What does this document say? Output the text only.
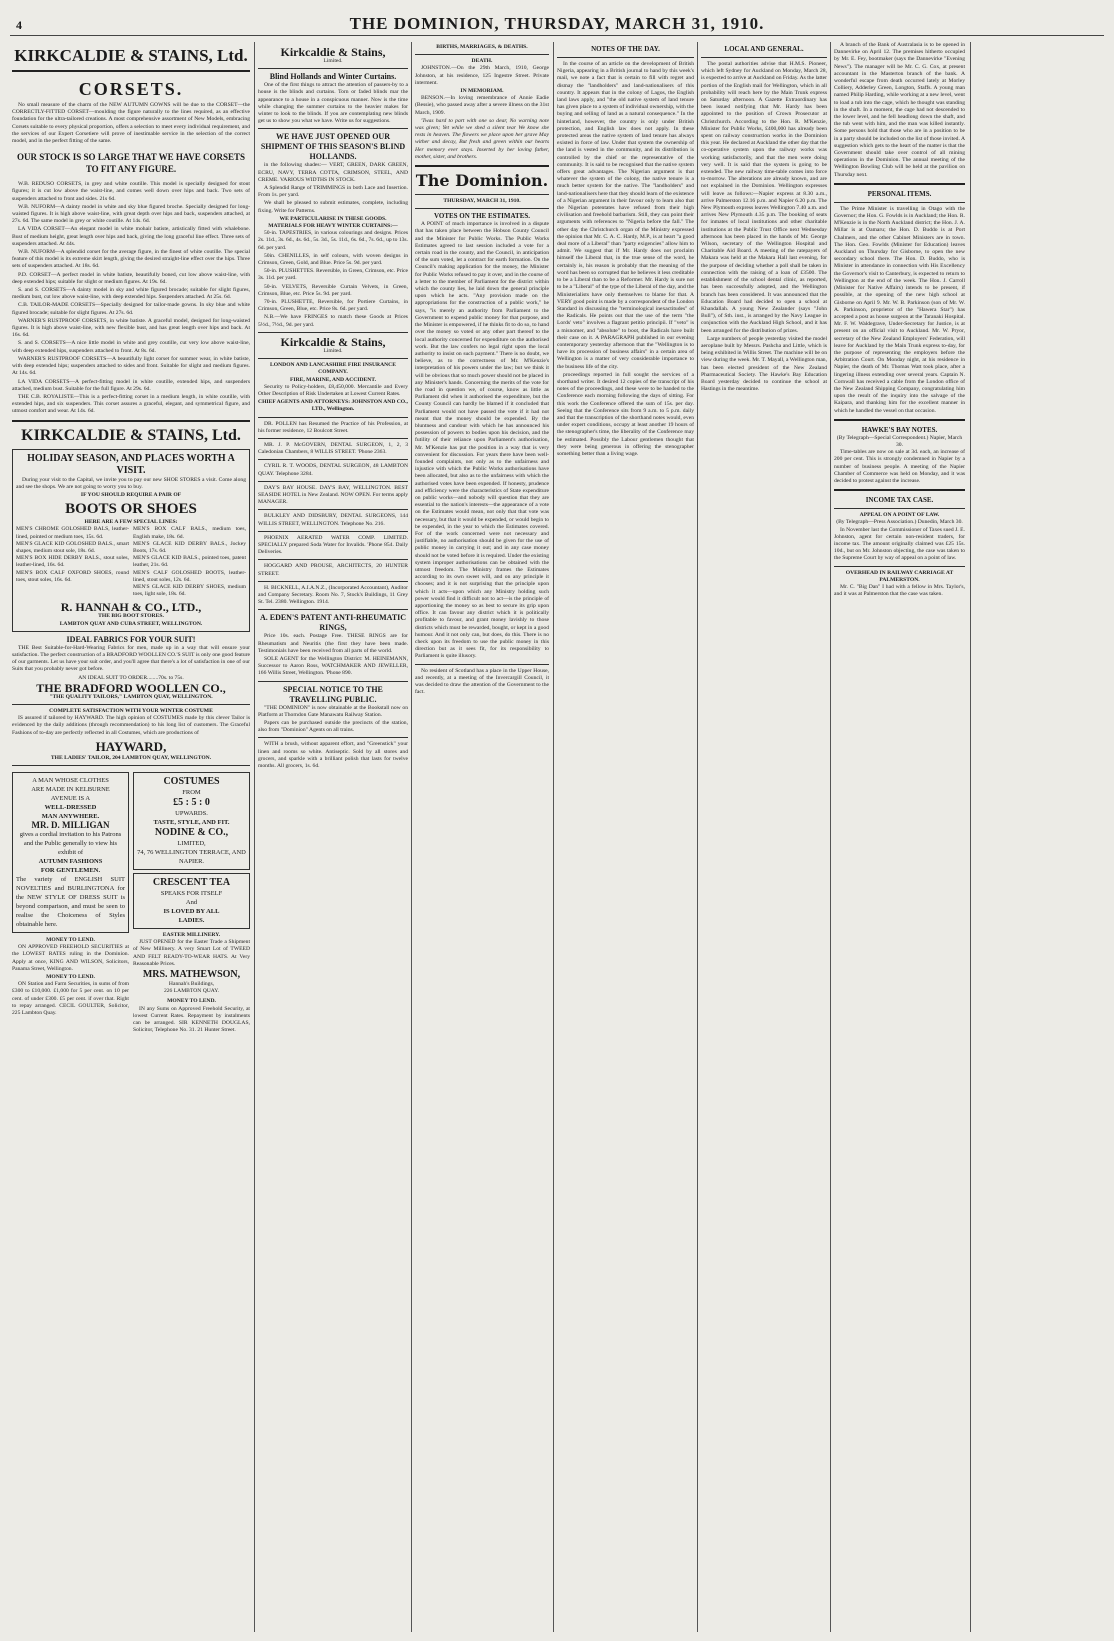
4	THE DOMINION, THURSDAY, MARCH 31, 1910.
KIRKCALDIE & STAINS, Ltd.
CORSETS.

No small measure of the charm of the NEW AUTUMN GOWNS will be due to the CORSET—the CORRECTLY-FITTED CORSET—moulding the figure naturally to the lines required, as an effective foundation for the ultra-tailored creations. A most comprehensive assortment of New Models, embracing Corsets suitable to every physical proportion, offers a selection to meet every individual requirement, and the services of our Expert Corsetiere will prove of inestimable service in the selection of the correct model, and in the perfect fitting of the same.

OUR STOCK IS SO LARGE THAT WE HAVE CORSETS TO FIT ANY FIGURE.

W.B. REDUSO CORSETS, in grey and white coutille. This model is specially designed for stout figures; it is cut low above the waist-line, and comes well down over hips and back. Two sets of suspenders attached to front and sides. 21s 6d.

W.B. NUFORM—A dainty model in white and sky blue figured broche. Specially designed for long-waisted figures. It is high above waist-line, with great depth over hips and back, suspenders attached, at 27s. 6d. The same model in grey or white coutille. At 14s. 6d.

LA VIDA CORSET—An elegant model in white mohair batiste, artistically fitted with whalebone. Bust of medium height, great length over hips and back, giving the long graceful line effect. Three sets of suspenders attached. At 44s.

W.B. NUFORM—A splendid corset for the average figure, in the finest of white coutille. The special feature of this model is its extreme skirt length, giving the desired straight-line effect over the hips. Three sets of suspenders attached. At 18s. 6d.

P.D. CORSET—A perfect model in white batiste, beautifully boned, cut low above waist-line, with deep extended hips; suitable for slight or medium figures. At 19s. 6d.

S. and S. CORSETS—A dainty model in sky and white figured brocade; suitable for slight figures, medium bust, cut low above waist-line, with deep extended hips. Suspenders attached. At 25s. 6d.

C.B. TAILOR-MADE CORSETS—Specially designed for tailor-made gowns. In sky blue and white figured brocade; suitable for slight figures. At 27s. 6d.

WARNER'S RUSTPROOF CORSETS, in white batiste. A graceful model, designed for long-waisted figures. It is high above waist-line, with new flexible bust, and has great length over hips and back. At 16s. 6d.

S. and S. CORSETS—A nice little model in white and grey coutille, cut very low above waist-line, with deep extended hips, suspenders attached to front. At 8s. 6d.

WARNER'S RUSTPROOF CORSETS—A beautifully light corset for summer wear, in white batiste, with deep extended hips; suspenders attached to sides and front. Suitable for slight and medium figures. At 14s. 6d.

LA VIDA CORSETS—A perfect-fitting model in white coutille, extended hips, and suspenders attached, medium bust. Suitable for the full figure. At 29s. 6d.

THE C.B. ROYALISTE—This is a perfect-fitting corset in a medium length, in white coutille, with extended hips, and six suspenders. This corset assures a graceful, elegant, and symmetrical figure, and utmost comfort and wear. At 14s. 6d.

KIRKCALDIE & STAINS, Ltd.
HOLIDAY SEASON, AND PLACES WORTH A VISIT.

During your visit to the Capital, we invite you to pay our new SHOE STORES a visit. Come along and see the shops. We are not going to worry you to buy.

IF YOU SHOULD REQUIRE A PAIR OF
BOOTS OR SHOES
HERE ARE A FEW SPECIAL LINES:

MEN'S CHROME GOLOSHED BALS, leather-lined, pointed or medium toes, 15s. 6d.

MEN'S GLACE KID GOLOSHED BALS., smart shapes, medium stout sole, 18s. 6d.

MEN'S BOX HIDE DERBY BALS., stout soles, leather-lined, 16s. 6d.

MEN'S BOX CALF OXFORD SHOES, round toes, stout soles, 16s. 6d.

MEN'S BOX CALF BALS., medium toes, English make, 18s. 6d.

MEN'S GLACE KID DERBY BALS., Jockey Boots, 17s. 6d.

MEN'S GLACE KID BALS., pointed toes, patent leather, 21s. 6d.

MEN'S CALF GOLOSHED BOOTS, leather-lined, stout soles, 12s. 6d.

MEN'S GLACE KID DERBY SHOES, medium toes, light sole, 18s. 6d.

R. HANNAH & CO., LTD.,
THE BIG BOOT STORES.
LAMBTON QUAY AND CUBA STREET, WELLINGTON.
IDEAL FABRICS FOR YOUR SUIT!

THE Best Suitable-for-Hard-Wearing Fabrics for men, made up in a way that will ensure your satisfaction. The perfect construction of a BRADFORD WOOLLEN CO.'S SUIT is only one good feature of our garments. Let us have your suit order, and you'll agree that there's a lot of satisfaction in one of our Suits that you probably never got before.

AN IDEAL SUIT TO ORDER........70s. to 75s.
THE BRADFORD WOOLLEN CO.,
"THE QUALITY TAILORS," LAMBTON QUAY, WELLINGTON.
COMPLETE SATISFACTION WITH YOUR WINTER COSTUME

IS assured if tailored by HAYWARD. The high opinion of COSTUMES made by this clever Tailor is evidenced by the daily additions (through recommendation) to his long list of customers. The Graceful Fashions of to-day are perfectly reflected in all Costumes, which are productions of

HAYWARD,
THE LADIES' TAILOR, 204 LAMBTON QUAY, WELLINGTON.
A MAN WHOSE CLOTHES
ARE MADE IN KELBURNE
AVENUE IS A
WELL-DRESSED
MAN ANYWHERE.
MR. D. MILLIGAN
gives a cordial invitation to his Patrons and the Public generally to view his exhibit of
AUTUMN FASHIONS
FOR GENTLEMEN.
The variety of ENGLISH SUIT NOVELTIES and BURLINGTONA for the NEW STYLE OF DRESS SUIT is beyond comparison, and must be seen to realise the Choiceness of Styles obtainable here.
MONEY TO LEND.

ON APPROVED FREEHOLD SECURITIES at the LOWEST RATES ruling in the Dominion. Apply at once, KING AND WILSON, Solicitors, Panama Street, Wellington.

MONEY TO LEND.

ON Station and Farm Securities, in sums of from £300 to £10,000. £1,000 for 5 per cent. on 10 per cent. of under £300. £5 per cent. if over that. Right to repay arranged. CECIL GOULTER, Solicitor, 225 Lambton Quay.

COSTUMES
FROM
£5 : 5 : 0
UPWARDS.
TASTE, STYLE, AND FIT.
NODINE & CO.,
LIMITED,
74, 76 WELLINGTON TERRACE, AND NAPIER.
CRESCENT TEA
SPEAKS FOR ITSELF
And
IS LOVED BY ALL
LADIES.
EASTER MILLINERY.

JUST OPENED for the Easter Trade a Shipment of New Millinery. A very Smart Lot of TWEED AND FELT READY-TO-WEAR HATS. At Very Reasonable Prices.

MRS. MATHEWSON,
Hannah's Buildings,
226 LAMBTON QUAY.
MONEY TO LEND.

IN any Sums on Approved Freehold Security, at lowest Current Rates. Repayment by instalments can be arranged. SIR KENNETH DOUGLAS, Solicitor, Telephone No. 31. 21 Hunter Street.

Kirkcaldie & Stains,
Limited.
Blind Hollands and Winter Curtains.

One of the first things to attract the attention of passers-by to a house is the blinds and curtains. Torn or faded blinds mar the appearance to a house in a conspicuous manner. Now is the time while changing the summer curtains to the heavier makes for winter to look to the blinds. If you are contemplating new blinds get us to show you what we have. Write us for suggestions.

WE HAVE JUST OPENED OUR SHIPMENT OF THIS SEASON'S BLIND HOLLANDS.

in the following shades:— VERT, GREEN, DARK GREEN, ECRU, NAVY, TERRA COTTA, CRIMSON, STEEL, AND CREME. VARIOUS WIDTHS IN STOCK.

A Splendid Range of TRIMMINGS in both Lace and Insertion. From 1s. per yard.

We shall be pleased to submit estimates, complete, including fixing. Write for Patterns.

WE PARTICULARISE IN THESE GOODS.
MATERIALS FOR HEAVY WINTER CURTAINS:—

50-in. TAPESTRIES, in various colourings and designs. Prices 2s. 11d., 3s. 6d., 4s. 6d., 5s. 3d., 5s. 11d., 6s. 6d., 7s. 6d., up to 13s. 6d. per yard.

50in. CHENILLES, in self colours, with woven designs in Crimson, Green, Gold, and Blue. Price 5s. 9d. per yard.

50-in. PLUSHETTES. Reversible, in Green, Crimson, etc. Price 3s. 11d. per yard.

50-in. VELVETS, Reversible Curtain Velvets, in Green, Crimson, Blue, etc. Price 5s. 9d. per yard.

70-in. PLUSHETTE, Reversible, for Portiere Curtains, in Crimson, Green, Blue, etc. Price 8s. 6d. per yard.

N.B.—We have FRINGES to match these Goods at Prices 5½d., 7½d., 9d. per yard.

Kirkcaldie & Stains,
Limited.
LONDON AND LANCASHIRE FIRE INSURANCE COMPANY.
FIRE, MARINE, AND ACCIDENT.

Security to Policy-holders, £8,450,000. Mercantile and Every Other Description of Risk Undertaken at Lowest Current Rates.

CHIEF AGENTS AND ATTORNEYS: JOHNSTON AND CO., LTD., Wellington.

DR. POLLEN has Resumed the Practice of his Profession, at his former residence, 12 Boulcott Street.

MR. J. P. McGOVERN, DENTAL SURGEON, 1, 2, 3 Caledonian Chambers, 8 WILLIS STREET. 'Phone 2363.

CYRIL R. T. WOODS, DENTAL SURGEON, 48 LAMBTON QUAY. Telephone 3284.

DAY'S BAY HOUSE. DAY'S BAY, WELLINGTON. BEST SEASIDE HOTEL in New Zealand. NOW OPEN. For terms apply MANAGER.

BULKLEY AND DIDSBURY, DENTAL SURGEONS, 144 WILLIS STREET, WELLINGTON. Telephone No. 216.

PHOENIX AERATED WATER COMP. LIMITED. SPECIALLY prepared Soda Water for Invalids. 'Phone 854. Daily Deliveries.

HOGGARD AND PROUSE, ARCHITECTS, 20 HUNTER STREET.

H. BICKNELL, A.I.A.N.Z., (Incorporated Accountant), Auditor and Company Secretary. Room No. 7, Stock's Buildings, 11 Grey St. Tel. 2380. Wellington. 1914.

A. EDEN'S PATENT ANTI-RHEUMATIC RINGS,

Price 10s. each. Postage Free. THESE RINGS are for Rheumatism and Neuritis (the first they have been made. Testimonials have been received from all parts of the world.

SOLE AGENT for the Wellington District: M. HEINEMANN, Successor to Aaron Ross, WATCHMAKER AND JEWELLER, 166 Willis Street, Wellington. 'Phone 890.

SPECIAL NOTICE TO THE TRAVELLING PUBLIC.

"THE DOMINION" is now obtainable at the Bookstall now on Platform at Thorndon Gate Manawatu Railway Station.

Papers can be purchased outside the precincts of the station, also from "Dominion" Agents on all trains.

WITH a brush, without apparent effort, and "Greenstick" your linen and rooms so white. Antiseptic. Sold by all stores and grocers, and sparkle with a brilliant polish that lasts for twelve months. All grocers, 1s. 6d.

BIRTHS, MARRIAGES, & DEATHS.
DEATH.

JOHNSTON.—On the 29th March, 1910, George Johnston, at his residence, 125 Ingestre Street. Private interment.

IN MEMORIAM.

BENSON.—In loving remembrance of Annie Eadie (Bessie), who passed away after a severe illness on the 31st March, 1909.

'Twas hard to part with one so dear, No warning note was given; Yet while we shed a silent tear We know she rests in heaven. The flowers we place upon her grave May wither and decay, But fresh and green within our hearts Her memory ever stays. Inserted by her loving father, mother, sister, and brothers.

The Dominion.
THURSDAY, MARCH 31, 1910.
VOTES ON THE ESTIMATES.

A POINT of much importance is involved in a dispute that has taken place between the Hobson County Council and the Minister for Public Works. The Public Works Estimates agreed to last session included a vote for a certain road in the county, and the Council, in anticipation of the sum voted, let a contract for earth formation. On the Council's making application for the money, the Minister for Public Works refused to pay it over, and in the course of a letter to the member of Parliament for the district within which the county lies, he laid down the general principle upon which he acts. "Any provision made on the appropriations for the construction of a public work," he says, "is merely an authority from Parliament to the Government to expend public money for that purpose, and the Minister is empowered, if he thinks fit to do so, to hand over the money so voted or any other part thereof to the local authority concerned for expenditure on the authorised work. But the law confers no legal right upon the local authority to insist on such payment." There is no doubt, we believe, as to the correctness of Mr. M'Kenzie's interpretation of his powers under the law; but we think it will be obvious that so much power should not be placed in any Minister's hands. Concerning the merits of the vote for the road in question we, of course, know as little as Parliament did when it authorised the expenditure, but the County Council can hardly be blamed if it concluded that Parliament would not have passed the vote if it had not meant that the money should be expended. By the bluntness and candour with which he has announced his possession of powers to bodies upon his decision, and the futility of their reliance upon Parliament's authorisation, Mr. M'Kenzie has put the position in a way that is very convenient for discussion. For years there have been well-founded complaints, not only as to the unfairness and injustice with which the Public Works authorisations have been allocated, but also as to the unfairness with which the authorised votes have been expended. If honesty, prudence and efficiency were the characteristics of State expenditure on public works—and nobody will question that they are essential to the nation's interests—the appearance of a vote on the Estimates would mean, not only that that vote was necessary, but that it would be expended, or would begin to be expended, in the year to which the Estimates covered. For of the work concerned were not necessary and justifiable, no authorisation should be given for the use of public money in carrying it out; and in any case money should not be voted before it is required. Under the existing system improper authorisations can be obtained with the utmost freedom. The Ministry frames the Estimates according to its own sweet will, and on any principle it chooses; and it is not surprising that the principle upon which it acts—upon which any Ministry holding such power would find it difficult not to act—is the principle of apportioning the money so as best to secure its grip upon office. It can favour any district which it is politically profitable to favour, and grant money lavishly to those districts which must be rewarded, bought, or kept in a good humour. And it not only can, but does, do this. There is no check upon its freedom to use the public money in this direction but as it sees fit, for its responsibility to Parliament is quite illusory.

No resident of Scotland has a place in the Upper House, and recently, at a meeting of the Invercargill Council, it was decided to draw the attention of the Government to the fact.

NOTES OF THE DAY.

In the course of an article on the development of British Nigeria, appearing in a British journal to hand by this week's mail, we note a fact that is certain to fill with regret and dismay the "landholders" and land-nationalisers of this country. It appears that in the colony of Lagos, the English land laws apply, and "the old native system of land tenure has given place to a system of individual ownership, with the buying and selling of land as a natural consequence." In the hinterland, however, the country is only under British protection, and English law does not apply. In these protected areas the native system of land tenure has always existed in force of law. Under that system the ownership of the land is vested in the community, and its distribution is controlled by the chief or the representative of the community. It is said to be recognised that the native system offers great advantages. The Nigerian argument is that whatever the system of the colony, the native tenure is a much better system for the native. The "landholders" and land-nationalisers here that they should learn of the existence of a Nigerian argument in their favour only to learn also that the Nigerian potentates have refused from their high civilisation and freehold barbarism. Still, they can point their arguments with references to "Nigeria before the fall." The other day the Christchurch organ of the Ministry expressed the opinion that Mr. C. A. C. Hardy, M.P., is at heart "a good deal more of a Liberal" than "party exigencies" allow him to admit. We suggest that if Mr. Hardy does not proclaim himself the Liberal that, in the true sense of the word, he certainly is, his reason is probably that the meaning of the word has been so corrupted that he believes it less creditable to be a Liberal than to be a Reformer. Mr. Hardy is sure not to be a "Liberal" of the type of the Liberal of the day, and the Ministerialists have only themselves to blame for that. A VERY good point is made by a correspondent of the London Standard in discussing the "terminological inexactitudes" of the Radicals. He points out that the use of the term "the Lords' veto" involves a flagrant petitio principii. If "veto" is a misnomer, and "absolute" to boot, the Radicals have built their case on it. A PARAGRAPH published in our evening contemporary yesterday afternoon that the "Wellington is to have its procession of business affairs" in a certain area of Wellington is a matter of very considerable importance to the business life of the city.

proceedings reported in full sought the services of a shorthand writer. It desired 12 copies of the transcript of his notes of the proceedings, and these were to be handed to the Conference each morning following the days of sitting. For this work the Conference offered the sum of 15s. per day. Seeing that the Conference sits from 9 a.m. to 5 p.m. daily and that the transcription of the shorthand notes would, even under expert conditions, occupy at least another 19 hours of the stenographer's time, the liberality of the Conference may be estimated. Possibly the Labour gentlemen thought that they were being generous in offering the stenographer something better than a living wage.

LOCAL AND GENERAL.

The postal authorities advise that H.M.S. Pioneer, which left Sydney for Auckland on Monday, March 28, is expected to arrive at Auckland on Friday. As the latter portion of the English mail for Wellington, which in all probability will reach here by the Main Trunk express on Saturday afternoon. A Gazette Extraordinary has been issued notifying that Mr. Hardy has been appointed to the position of Crown Prosecutor at Christchurch. According to the Hon. R. M'Kenzie, Minister for Public Works, £400,000 has already been spent on railway construction works in the Dominion this year. He declared at Auckland the other day that the co-operative system upon the railway works was working satisfactorily, and that the men were doing very well. It is said that the system is going to be extended. The new railway time-table comes into force to-morrow. The alterations are already known, and are not explained in the Dominion. Wellington expresses will leave as follows:—Napier express at 8.30 a.m., arrive Palmerston 12.16 p.m. and Napier 6.20 p.m. The New Plymouth express leaves Wellington 7.40 a.m. and arrives New Plymouth 4.35 p.m. The booking of seats for inmates of local institutions and other charitable institutions at the Public Trust Office next Wednesday afternoon has been placed in the hands of Mr. George Wilson, secretary of the Wellington Hospital and Charitable Aid Board. A meeting of the ratepayers of Makara was held at the Makara Hall last evening, for the purpose of deciding whether a poll shall be taken in connection with the raising of a loan of £3500. The establishment of the school dental clinic, as reported, has been successfully adopted, and the Wellington branch has been considered. It was announced that the Education Board had decided to open a school at Khandallah. A young New Zealander (says "John Bull"), of Sth. inst., is arranged by the Navy League in conjunction with the Auckland High School, and it has been arranged for the distribution of prizes.

Large numbers of people yesterday visited the model aeroplane built by Messrs. Pashcha and Little, which is being exhibited in Willis Street. The machine will be on view during the week. Mr. T. Mayall, a Wellington man, has been elected president of the New Zealand Pharmaceutical Society. The Hawke's Bay Education Board yesterday decided to continue the school at Hastings in the meantime.

A branch of the Bank of Australasia is to be opened in Dannevirke on April 12. The premises hitherto occupied by Mr. E. Fey, bootmaker (says the Dannevirke "Evening News"). The manager will be Mr. C. G. Cox, at present accountant in the Masterton branch of the bank. A wonderful escape from death occurred lately at Morley Colliery, Adderley Green, Longton, Staffs. A young man named Philip Harding, while working at a new level, went to load a tub into the cage, which he thought was standing in the shaft. In a moment, the cage had not descended to the lower level, and he fell headlong down the shaft, and the tub went with him, and the man was killed instantly. Some persons hold that those who are in a position to be in a party should be included on the list of those invited. A suggestion which gets to the heart of the matter is that the Government should take over control of all mining operations in the Dominion. The annual meeting of the Wellington Bowling Club will be held at the pavilion on Thursday next.

PERSONAL ITEMS.

The Prime Minister is travelling in Otago with the Governor; the Hon. G. Fowlds is in Auckland; the Hon. R. M'Kenzie is in the North Auckland district; the Hon. J. A. Millar is at Oamaru; the Hon. D. Buddo is at Port Chalmers, and the other Cabinet Ministers are in town. The Hon. Geo. Fowlds (Minister for Education) leaves Auckland on Thursday for Gisborne, to open the new secondary school there. The Hon. D. Buddo, who is Minister in attendance in connection with His Excellency the Governor's visit to Canterbury, is expected to return to Wellington at the end of the week. The Hon. J. Carroll (Minister for Native Affairs) intends to be present, if possible, at the opening of the new high school at Gisborne on April 9. Mr. W. B. Parkinson (son of Mr. W. A. Parkinson, proprietor of the "Hawera Star") has accepted a post as house surgeon at the Taranaki Hospital. Mr. F. W. Waldegrave, Under-Secretary for Justice, is at present on an official visit to Auckland. Mr. W. Pryor, secretary of the New Zealand Employers' Federation, will leave for Auckland by the Main Trunk express to-day, for the purpose of representing the employers before the Arbitration Court. On Monday night, at his residence in Napier, the death of Mr. Thomas Watt took place, after a lingering illness extending over several years. Captain N. Cornwall has received a cable from the London office of the New Zealand Shipping Company, congratulating him upon the result of the inquiry into the salvage of the Kaipara, and thanking him for the excellent manner in which he handled the vessel on that occasion.

HAWKE'S BAY NOTES.
(By Telegraph—Special Correspondent.) Napier, March 30.

Time-tables are now on sale at 3d. each, an increase of 200 per cent. This is strongly condemned in Napier by a number of business people. A meeting of the Napier Chamber of Commerce was held on Monday, and it was decided to protest against the increase.

INCOME TAX CASE.
APPEAL ON A POINT OF LAW.
(By Telegraph—Press Association.) Dunedin, March 30.

In November last the Commissioner of Taxes sued J. E. Johnston, agent for certain non-resident traders, for income tax. The amount originally claimed was £25 15s. 10d., but on Mr. Johnston objecting, the case was taken to the Supreme Court by way of appeal on a point of law.

OVERHEAD IN RAILWAY CARRIAGE AT PALMERSTON.

Mr. C. "Big Dan" I had with a fellow in Mrs. Taylor's, and it was at Palmerston that the case was taken.
